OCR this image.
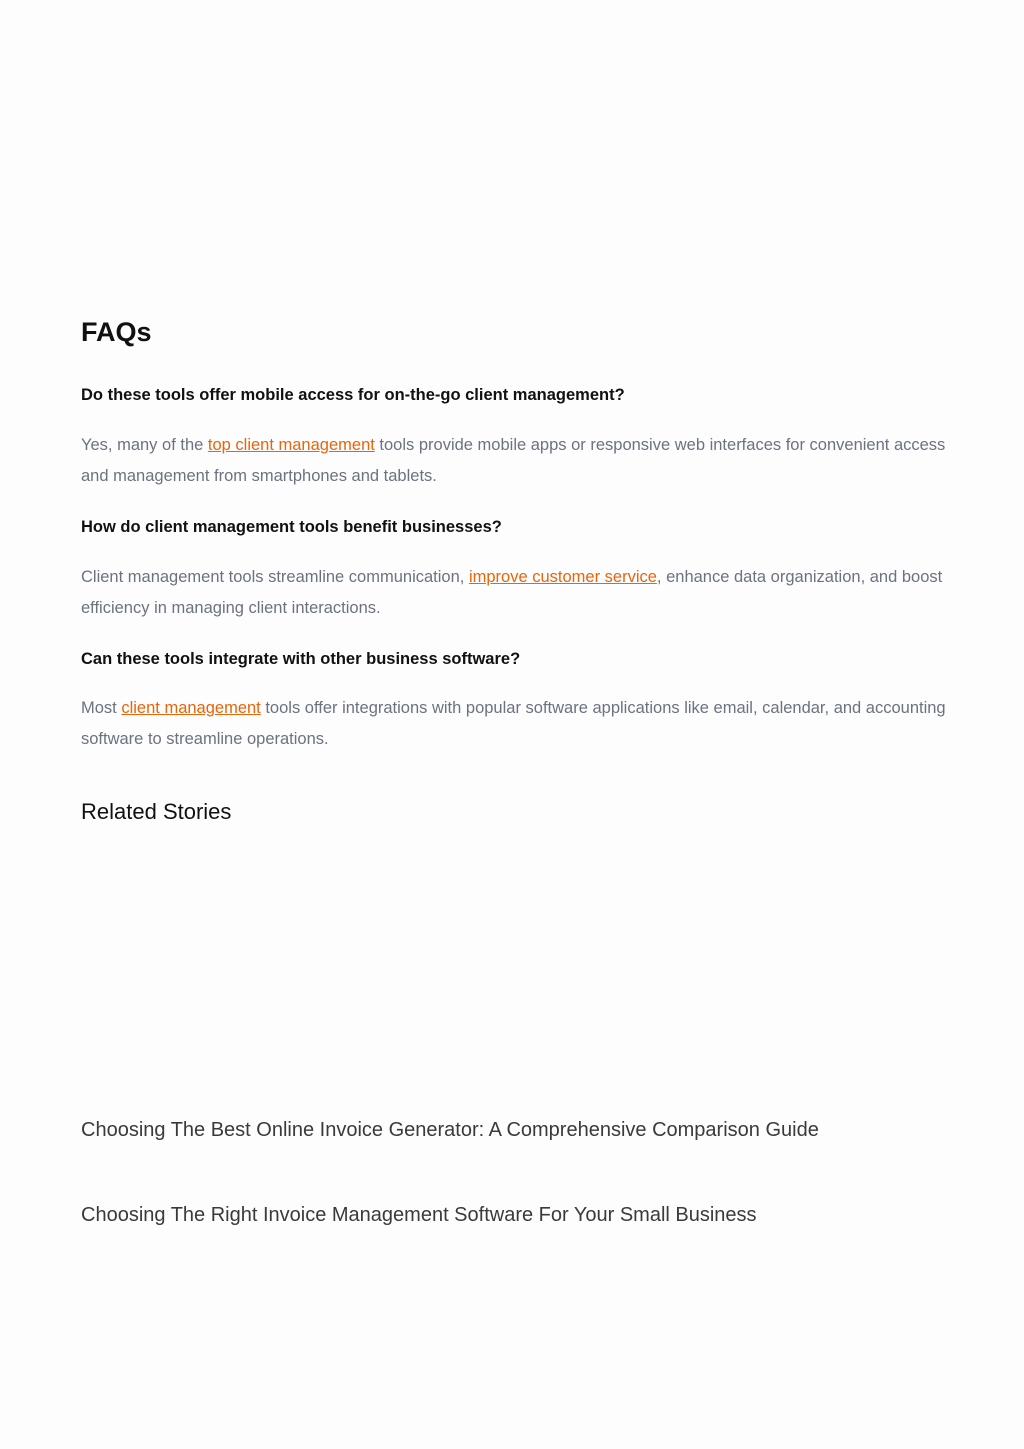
FAQs
Do these tools offer mobile access for on-the-go client management?

Yes, many of the top client management tools provide mobile apps or responsive web interfaces for convenient access and management from smartphones and tablets.

How do client management tools benefit businesses?

Client management tools streamline communication, improve customer service, enhance data organization, and boost efficiency in managing client interactions.

Can these tools integrate with other business software?

Most client management tools offer integrations with popular software applications like email, calendar, and accounting software to streamline operations.

Related Stories
Choosing The Best Online Invoice Generator: A Comprehensive Comparison Guide
Choosing The Right Invoice Management Software For Your Small Business
